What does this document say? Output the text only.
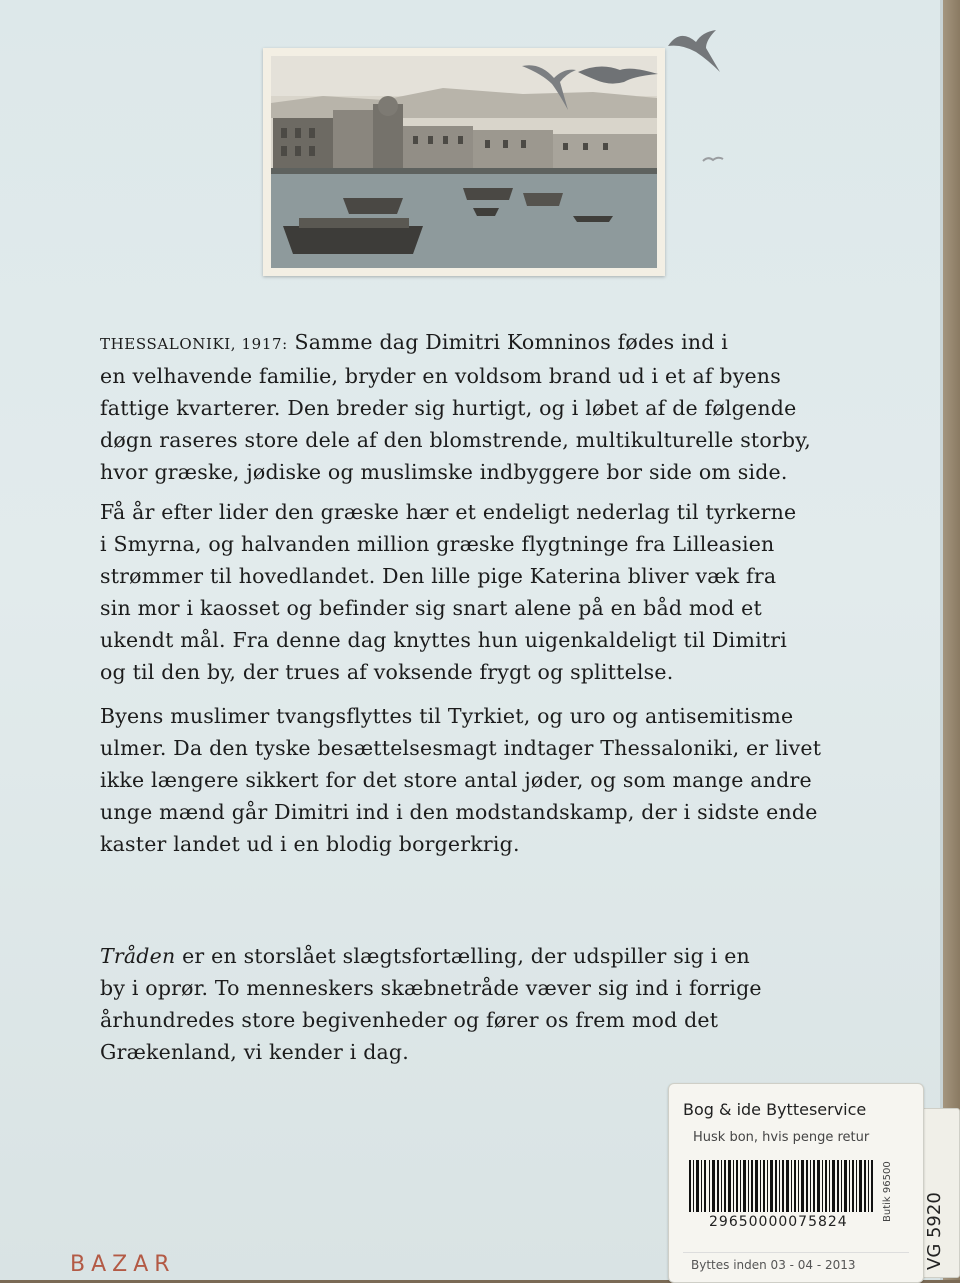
THESSALONIKI, 1917: Samme dag Dimitri Komninos fødes ind i
en velhavende familie, bryder en voldsom brand ud i et af byens
fattige kvarterer. Den breder sig hurtigt, og i løbet af de følgende
døgn raseres store dele af den blomstrende, multikulturelle storby,
hvor græske, jødiske og muslimske indbyggere bor side om side.

Få år efter lider den græske hær et endeligt nederlag til tyrkerne
i Smyrna, og halvanden million græske flygtninge fra Lilleasien
strømmer til hovedlandet. Den lille pige Katerina bliver væk fra
sin mor i kaosset og befinder sig snart alene på en båd mod et
ukendt mål. Fra denne dag knyttes hun uigenkaldeligt til Dimitri
og til den by, der trues af voksende frygt og splittelse.

Byens muslimer tvangsflyttes til Tyrkiet, og uro og antisemitisme
ulmer. Da den tyske besættelsesmagt indtager Thessaloniki, er livet
ikke længere sikkert for det store antal jøder, og som mange andre
unge mænd går Dimitri ind i den modstandskamp, der i sidste ende
kaster landet ud i en blodig borgerkrig.

Tråden er en storslået slægtsfortælling, der udspiller sig i en
by i oprør. To menneskers skæbnetråde væver sig ind i forrige
århundredes store begivenheder og fører os frem mod det
Grækenland, vi kender i dag.

BAZAR
Bog & ide Bytteservice
Husk bon, hvis penge retur
29650000075824
Byttes inden 03 - 04 - 2013
Butik 96500
VG 5920
